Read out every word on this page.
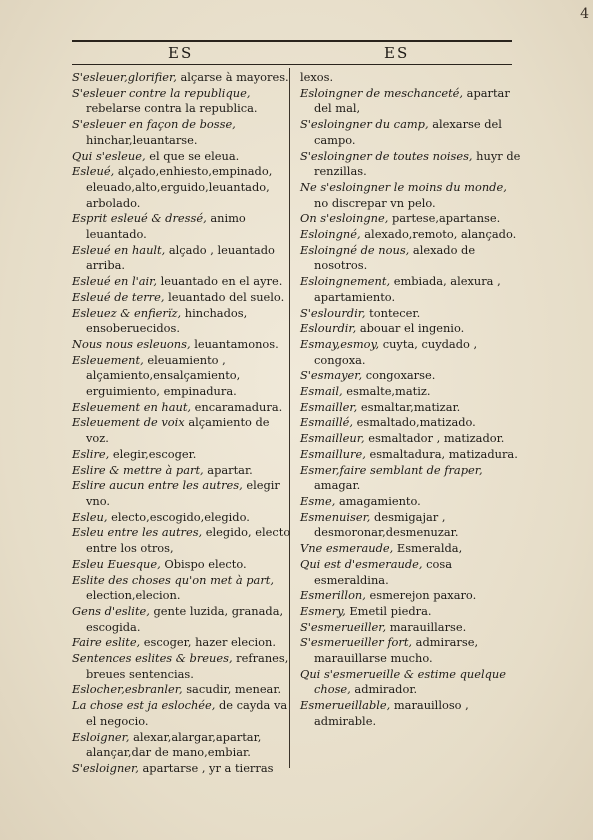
4
ES	ES

S'esleuer,glorifier, alçarse à mayores.

S'esleuer contre la republique, rebelarse contra la republica.

S'esleuer en façon de bosse, hinchar,leuantarse.

Qui s'esleue, el que se eleua.

Esleué, alçado,enhiesto,empinado, eleuado,alto,erguido,leuantado, arbolado.

Esprit esleué & dressé, animo leuantado.

Esleué en hault, alçado , leuantado arriba.

Esleué en l'air, leuantado en el ayre.

Esleué de terre, leuantado del suelo.

Esleuez & enfierïz, hinchados, ensoberuecidos.

Nous nous esleuons, leuantamonos.

Esleuement, eleuamiento , alçamiento,ensalçamiento, erguimiento, empinadura.

Esleuement en haut, encaramadura.

Esleuement de voix alçamiento de voz.

Eslire, elegir,escoger.

Eslire & mettre à part, apartar.

Eslire aucun entre les autres, elegir vno.

Esleu, electo,escogido,elegido.

Esleu entre les autres, elegido, electo entre los otros,

Esleu Euesque, Obispo electo.

Eslite des choses qu'on met à part, election,elecion.

Gens d'eslite, gente luzida, granada, escogida.

Faire eslite, escoger, hazer elecion.

Sentences eslites & breues, refranes, breues sentencias.

Eslocher,esbranler, sacudir, menear.

La chose est ja eslochée, de cayda va el negocio.

Esloigner, alexar,alargar,apartar, alançar,dar de mano,embiar.

S'esloigner, apartarse , yr a tierras

lexos.

Esloingner de meschanceté, apartar del mal,

S'esloingner du camp, alexarse del campo.

S'esloingner de toutes noises, huyr de renzillas.

Ne s'esloingner le moins du monde, no discrepar vn pelo.

On s'esloingne, partese,apartanse.

Esloingné, alexado,remoto, alançado.

Esloingné de nous, alexado de nosotros.

Esloingnement, embiada, alexura , apartamiento.

S'eslourdir, tontecer.

Eslourdir, abouar el ingenio.

Esmay,esmoy, cuyta, cuydado , congoxa.

S'esmayer, congoxarse.

Esmail, esmalte,matiz.

Esmailler, esmaltar,matizar.

Esmaillé, esmaltado,matizado.

Esmailleur, esmaltador , matizador.

Esmaillure, esmaltadura, matizadura.

Esmer,faire semblant de fraper, amagar.

Esme, amagamiento.

Esmenuiser, desmigajar , desmoronar,desmenuzar.

Vne esmeraude, Esmeralda,

Qui est d'esmeraude, cosa esmeraldina.

Esmerillon, esmerejon paxaro.

Esmery, Emetil piedra.

S'esmerueiller, marauillarse.

S'esmerueiller fort, admirarse, marauillarse mucho.

Qui s'esmerueille & estime quelque chose, admirador.

Esmerueillable, marauilloso , admirable.
